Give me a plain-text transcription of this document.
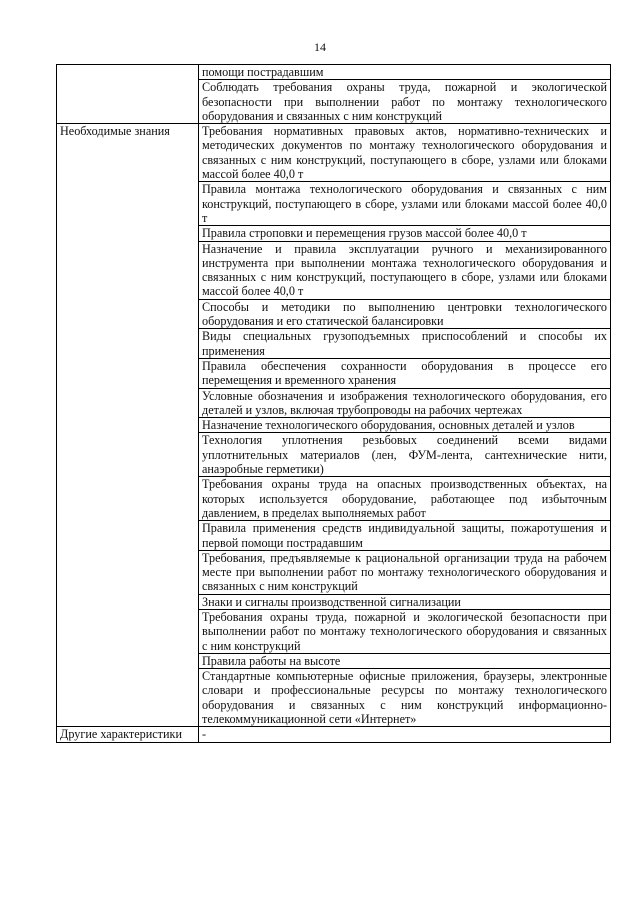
14
	помощи пострадавшим
	Соблюдать требования охраны труда, пожарной и экологической безопасности при выполнении работ по монтажу технологического оборудования и связанных с ним конструкций
Необходимые знания	Требования нормативных правовых актов, нормативно-технических и методических документов по монтажу технологического оборудования и связанных с ним конструкций, поступающего в сборе, узлами или блоками массой более 40,0 т
	Правила монтажа технологического оборудования и связанных с ним конструкций, поступающего в сборе, узлами или блоками массой более 40,0 т
	Правила строповки и перемещения грузов массой более 40,0 т
	Назначение и правила эксплуатации ручного и механизированного инструмента при выполнении монтажа технологического оборудования и связанных с ним конструкций, поступающего в сборе, узлами или блоками массой более 40,0 т
	Способы и методики по выполнению центровки технологического оборудования и его статической балансировки
	Виды специальных грузоподъемных приспособлений и способы их применения
	Правила обеспечения сохранности оборудования в процессе его перемещения и временного хранения
	Условные обозначения и изображения технологического оборудования, его деталей и узлов, включая трубопроводы на рабочих чертежах
	Назначение технологического оборудования, основных деталей и узлов
	Технология уплотнения резьбовых соединений всеми видами уплотнительных материалов (лен, ФУМ-лента, сантехнические нити, анаэробные герметики)
	Требования охраны труда на опасных производственных объектах, на которых используется оборудование, работающее под избыточным давлением, в пределах выполняемых работ
	Правила применения средств индивидуальной защиты, пожаротушения и первой помощи пострадавшим
	Требования, предъявляемые к рациональной организации труда на рабочем месте при выполнении работ по монтажу технологического оборудования и связанных с ним конструкций
	Знаки и сигналы производственной сигнализации
	Требования охраны труда, пожарной и экологической безопасности при выполнении работ по монтажу технологического оборудования и связанных с ним конструкций
	Правила работы на высоте
	Стандартные компьютерные офисные приложения, браузеры, электронные словари и профессиональные ресурсы по монтажу технологического оборудования и связанных с ним конструкций информационно-телекоммуникационной сети «Интернет»
Другие характеристики	-
